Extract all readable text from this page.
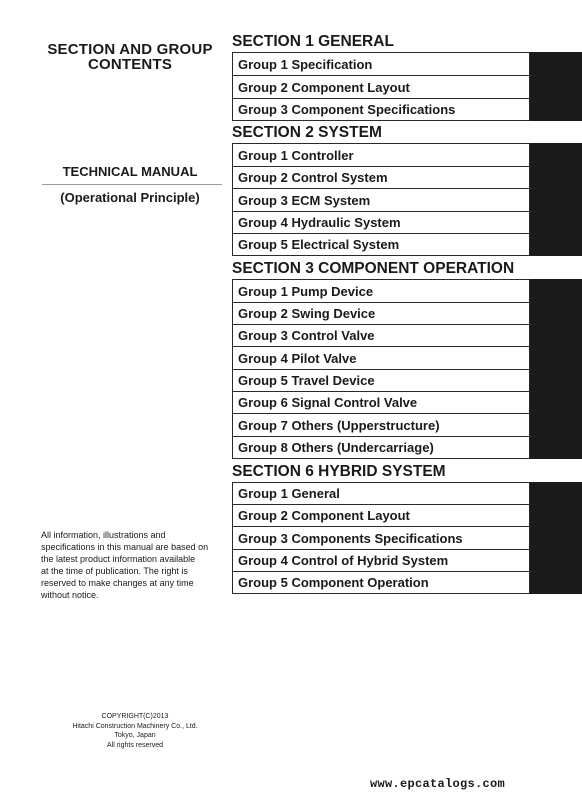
SECTION AND GROUP
CONTENTS
TECHNICAL MANUAL
(Operational Principle)
All information, illustrations and
specifications in this manual are based on
the latest product information available
at the time of publication. The right is
reserved to make changes at any time
without notice.
COPYRIGHT(C)2013
Hitachi Construction Machinery Co., Ltd.
Tokyo, Japan
All rights reserved
www.epcatalogs.com
SECTION 1 GENERAL
Group 1 Specification
Group 2 Component Layout
Group 3 Component Specifications
SECTION 2 SYSTEM
Group 1 Controller
Group 2 Control System
Group 3 ECM System
Group 4 Hydraulic System
Group 5 Electrical System
SECTION 3 COMPONENT OPERATION
Group 1 Pump Device
Group 2 Swing Device
Group 3 Control Valve
Group 4 Pilot Valve
Group 5 Travel Device
Group 6 Signal Control Valve
Group 7 Others (Upperstructure)
Group 8 Others (Undercarriage)
SECTION 6 HYBRID SYSTEM
Group 1 General
Group 2 Component Layout
Group 3 Components Specifications
Group 4 Control of Hybrid System
Group 5 Component Operation
